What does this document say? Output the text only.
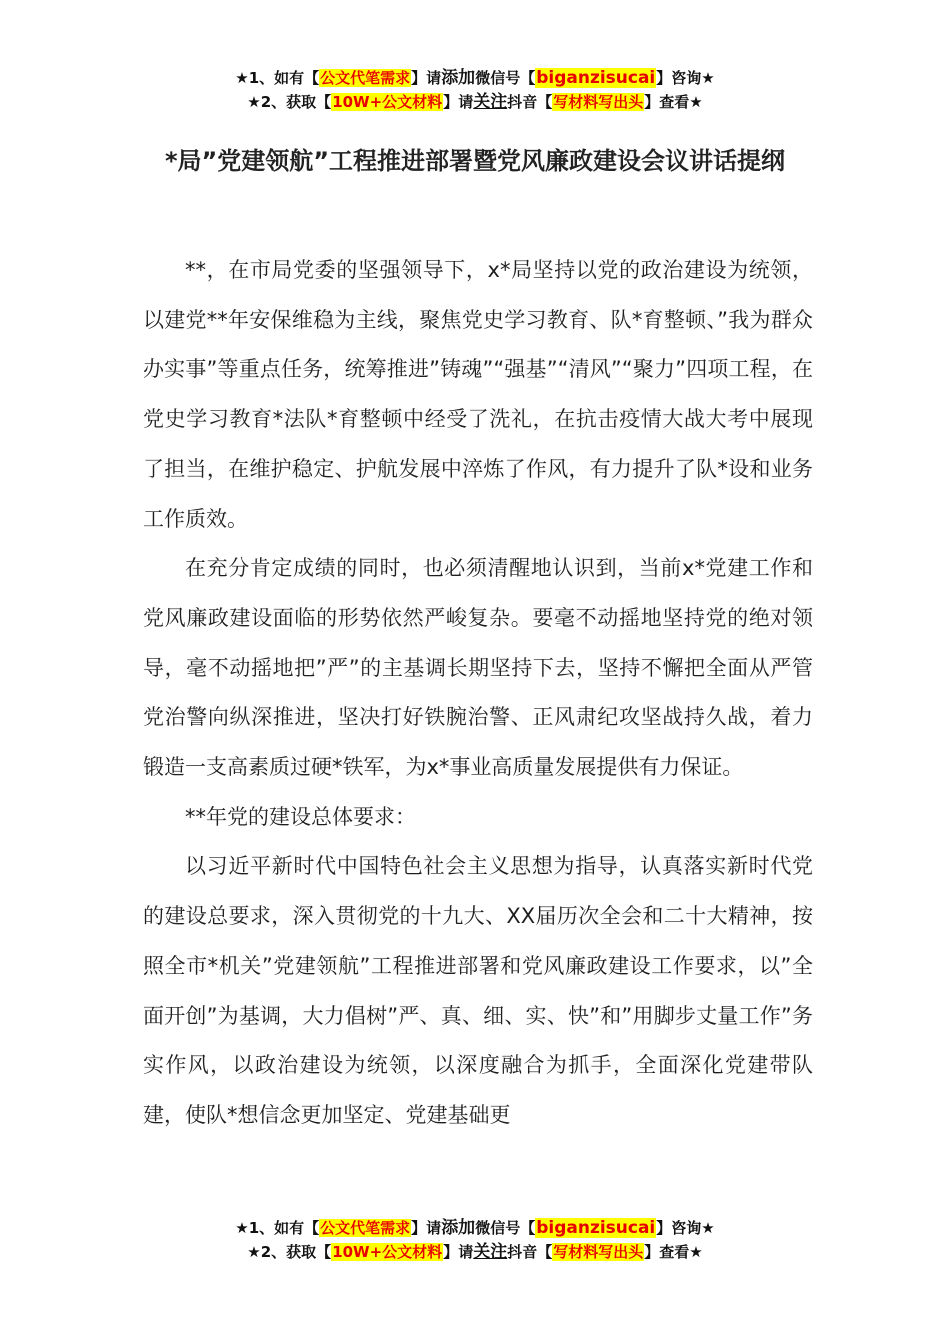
★1、如有【公文代笔需求】请添加微信号【biganzisucai】咨询★
★2、获取【10W+公文材料】请关注抖音【写材料写出头】查看★
*局”党建领航”工程推进部署暨党风廉政建设会议讲话提纲

**，在市局党委的坚强领导下，x*局坚持以党的政治建设为统领，以建党**年安保维稳为主线，聚焦党史学习教育、队*育整顿、”我为群众办实事”等重点任务，统筹推进”铸魂”“强基”“清风”“聚力”四项工程，在党史学习教育*法队*育整顿中经受了洗礼，在抗击疫情大战大考中展现了担当，在维护稳定、护航发展中淬炼了作风，有力提升了队*设和业务工作质效。

在充分肯定成绩的同时，也必须清醒地认识到，当前x*党建工作和党风廉政建设面临的形势依然严峻复杂。要毫不动摇地坚持党的绝对领导，毫不动摇地把”严”的主基调长期坚持下去，坚持不懈把全面从严管党治警向纵深推进，坚决打好铁腕治警、正风肃纪攻坚战持久战，着力锻造一支高素质过硬*铁军，为x*事业高质量发展提供有力保证。

**年党的建设总体要求：

以习近平新时代中国特色社会主义思想为指导，认真落实新时代党的建设总要求，深入贯彻党的十九大、XX届历次全会和二十大精神，按照全市*机关”党建领航”工程推进部署和党风廉政建设工作要求，以”全面开创”为基调，大力倡树”严、真、细、实、快”和”用脚步丈量工作”务实作风，以政治建设为统领，以深度融合为抓手，全面深化党建带队建，使队*想信念更加坚定、党建基础更

★1、如有【公文代笔需求】请添加微信号【biganzisucai】咨询★
★2、获取【10W+公文材料】请关注抖音【写材料写出头】查看★
